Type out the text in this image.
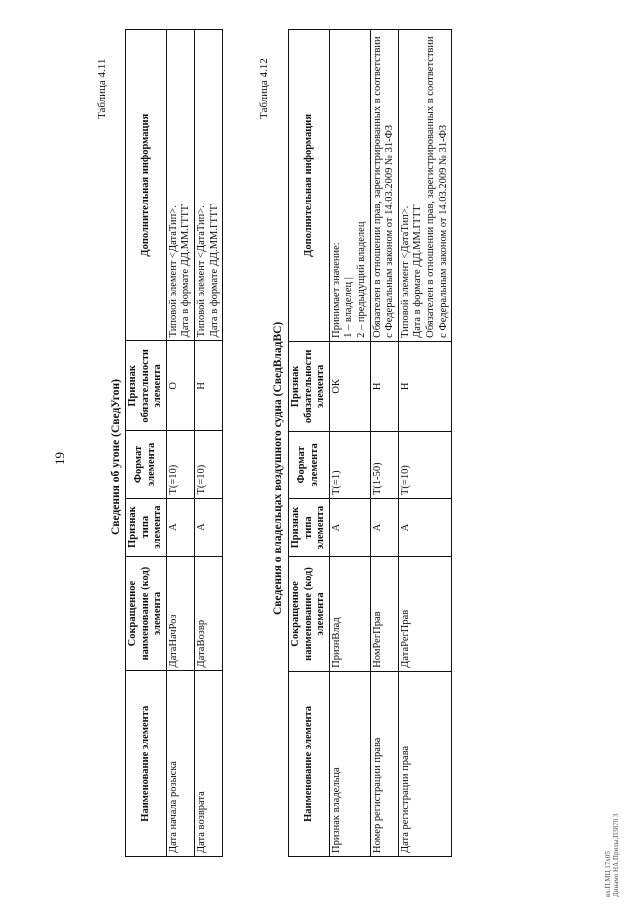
19
Таблица 4.11
Сведения об угоне (СведУгон)
Наименование элемента	Сокращенное наименование (код) элемента	Признак типа элемента	Формат элемента	Признак обязательности элемента	Дополнительная информация
Дата начала розыска	ДатаНачРоз	А	T(=10)	О	Типовой элемент <ДатаТип>.
Дата в формате ДД.ММ.ГГГГ
Дата возврата	ДатаВозвр	А	T(=10)	Н	Типовой элемент <ДатаТип>.
Дата в формате ДД.ММ.ГГГГ
Таблица 4.12
Сведения о владельцах воздушного судна (СведВладВС)
Наименование элемента	Сокращенное наименование (код) элемента	Признак типа элемента	Формат элемента	Признак обязательности элемента	Дополнительная информация
Признак владельца	ПризнВлад	А	T(=1)	ОК	Принимает значение:
1 – владелец |
2 – предыдущий владелец
Номер регистрации права	НомРегПрав	А	T(1-50)	Н	Обязателен в отношении прав, зарегистрированных в соответствии с Федеральным законом от 14.03.2009 № 31-ФЗ
Дата регистрации права	ДатаРегПрав	А	T(=10)	Н	Типовой элемент <ДатаТип>.
Дата в формате ДД.ММ.ГГГГ
Обязателен в отношении прав, зарегистрированных в соответствии с Федеральным законом от 14.03.2009 № 31-ФЗ
вх.П.МЦ 17х05
Динамо НА.Прилы.П3870 3
